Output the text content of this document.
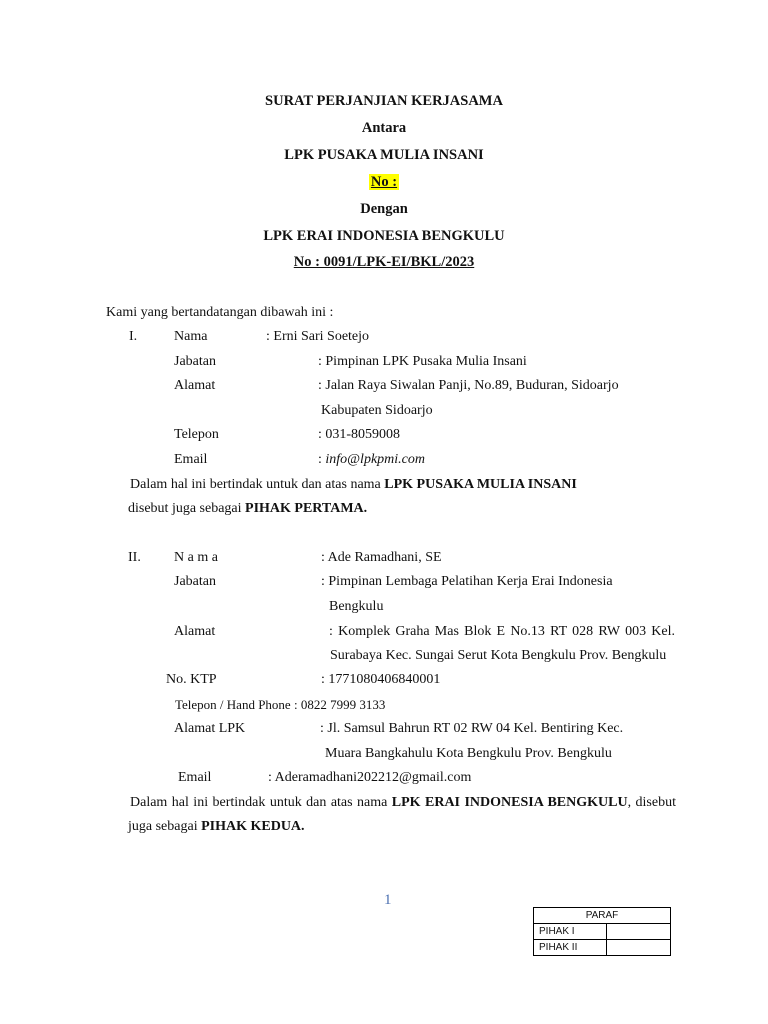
SURAT PERJANJIAN KERJASAMA
Antara
LPK PUSAKA MULIA INSANI
No :
Dengan
LPK ERAI INDONESIA BENGKULU
No : 0091/LPK-EI/BKL/2023
Kami yang bertandatangan dibawah ini :
I.	Nama	: Erni Sari Soetejo
Jabatan	: Pimpinan LPK Pusaka Mulia Insani
Alamat	: Jalan Raya Siwalan Panji, No.89, Buduran, Sidoarjo
Kabupaten Sidoarjo
Telepon	: 031-8059008
Email	: info@lpkpmi.com
Dalam hal ini bertindak untuk dan atas nama LPK PUSAKA MULIA INSANI
disebut juga sebagai PIHAK PERTAMA.
II. N a m a	: Ade Ramadhani, SE
Jabatan	: Pimpinan Lembaga Pelatihan Kerja Erai Indonesia
Bengkulu
Alamat	: Komplek Graha Mas Blok E No.13 RT 028 RW 003 Kel.
Surabaya Kec. Sungai Serut Kota Bengkulu Prov. Bengkulu
No. KTP	: 1771080406840001
Telepon / Hand Phone : 0822 7999 3133
Alamat LPK	: Jl. Samsul Bahrun RT 02 RW 04 Kel. Bentiring Kec.
Muara Bangkahulu Kota Bengkulu Prov. Bengkulu
Email	: Aderamadhani202212@gmail.com
Dalam hal ini bertindak untuk dan atas nama LPK ERAI INDONESIA BENGKULU, disebut
juga sebagai PIHAK KEDUA.
1
PARAF	
PIHAK I	
PIHAK II	
